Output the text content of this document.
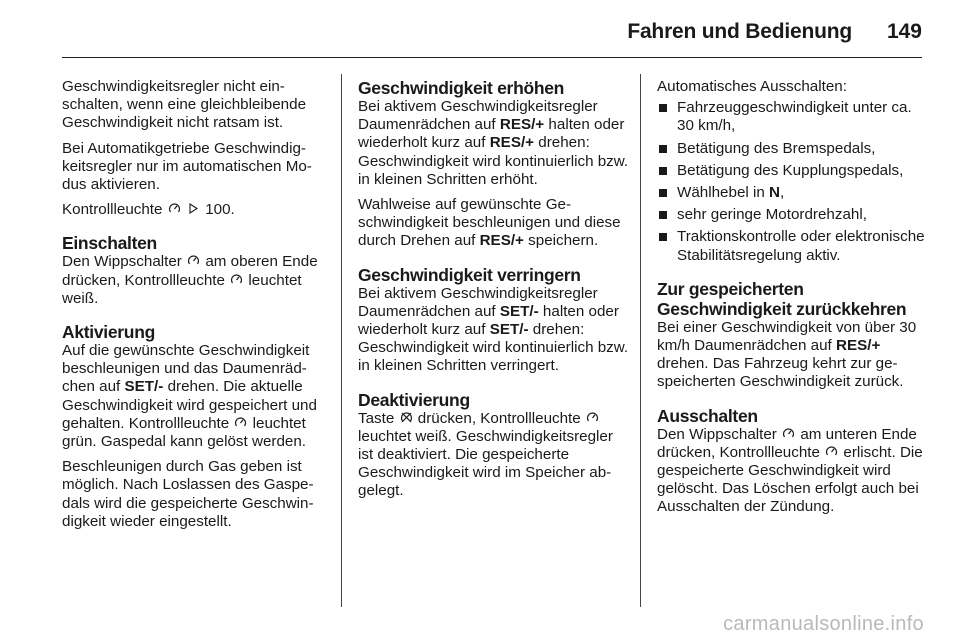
Fahren und Bedienung 149

Geschwindigkeitsregler nicht einschalten, wenn eine gleichbleibende Geschwindigkeit nicht ratsam ist.

Bei Automatikgetriebe Geschwindigkeitsregler nur im automatischen Modus aktivieren.

Kontrollleuchte
	100.

Einschalten

Den Wippschalter am oberen Ende drücken, Kontrollleuchte leuchtet weiß.

Aktivierung

Auf die gewünschte Geschwindigkeit beschleunigen und das Daumenrädchen auf SET/- drehen. Die aktuelle Geschwindigkeit wird gespeichert und gehalten. Kontrollleuchte leuchtet grün. Gaspedal kann gelöst werden.

Beschleunigen durch Gas geben ist möglich. Nach Loslassen des Gaspedals wird die gespeicherte Geschwindigkeit wieder eingestellt.

Geschwindigkeit erhöhen

Bei aktivem Geschwindigkeitsregler Daumenrädchen auf RES/+ halten oder wiederholt kurz auf RES/+ drehen: Geschwindigkeit wird kontinuierlich bzw. in kleinen Schritten erhöht.

Wahlweise auf gewünschte Geschwindigkeit beschleunigen und diese durch Drehen auf RES/+ speichern.

Geschwindigkeit verringern

Bei aktivem Geschwindigkeitsregler Daumenrädchen auf SET/- halten oder wiederholt kurz auf SET/- drehen: Geschwindigkeit wird kontinuierlich bzw. in kleinen Schritten verringert.

Deaktivierung

Taste drücken, Kontrollleuchte
leuchtet weiß. Geschwindigkeitsregler ist deaktiviert. Die gespeicherte Geschwindigkeit wird im Speicher abgelegt.

Automatisches Ausschalten:

Fahrzeuggeschwindigkeit unter ca. 30 km/h,
Betätigung des Bremspedals,
Betätigung des Kupplungspedals,
Wählhebel in N,
sehr geringe Motordrehzahl,
Traktionskontrolle oder elektronische Stabilitätsregelung aktiv.
Zur gespeicherten Geschwindigkeit zurückkehren

Bei einer Geschwindigkeit von über 30 km/h Daumenrädchen auf RES/+ drehen. Das Fahrzeug kehrt zur gespeicherten Geschwindigkeit zurück.

Ausschalten

Den Wippschalter am unteren Ende drücken, Kontrollleuchte erlischt. Die gespeicherte Geschwindigkeit wird gelöscht. Das Löschen erfolgt auch bei Ausschalten der Zündung.

carmanualsonline.info
